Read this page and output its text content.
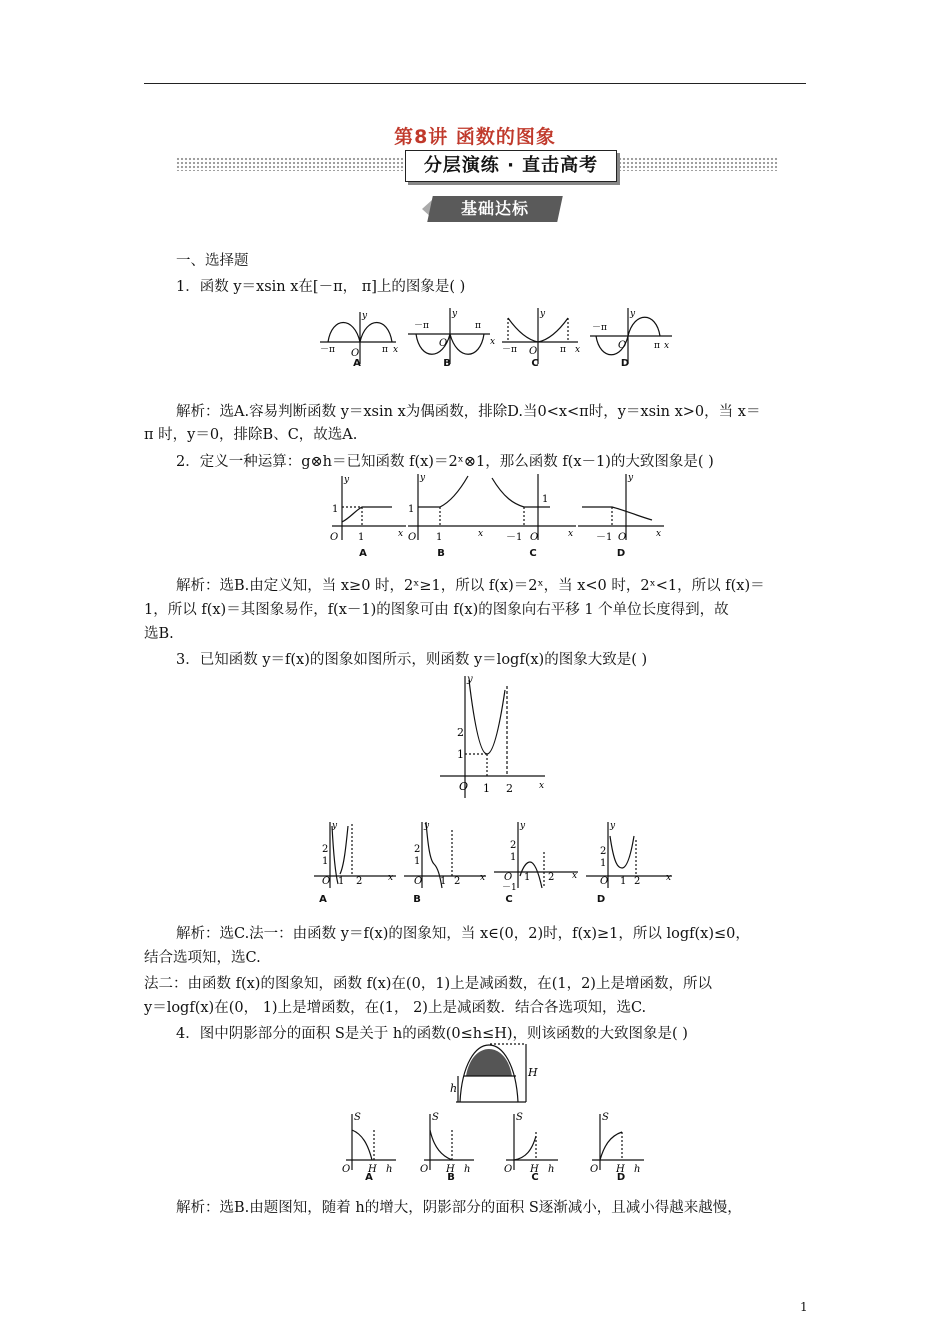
第8讲 函数的图象
分层演练 · 直击高考
基础达标
一、选择题
1．函数 y＝xsin x在[－π， π]上的图象是( )
－π
y
O	π x
－π	π
O
y
x
－π
y
O	π x
－π
O	π x
y
A	B	C	D
解析：选A.容易判断函数 y＝xsin x为偶函数，排除D.当0<x<π时，y＝xsin x>0，当 x＝
π 时，y＝0，排除B、C，故选A.
2．定义一种运算：g⊗h＝已知函数 f(x)＝2ˣ⊗1，那么函数 f(x－1)的大致图象是( )
1
O 1	x
y
1
O 1	x
y
1
－1 O	x －1 O
y
x
A	B	C	D
解析：选B.由定义知，当 x≥0 时，2ˣ≥1，所以 f(x)＝2ˣ，当 x<0 时，2ˣ<1，所以 f(x)＝
1，所以 f(x)＝其图象易作，f(x－1)的图象可由 f(x)的图象向右平移 1 个单位长度得到，故
选B.
3．已知函数 y＝f(x)的图象如图所示，则函数 y＝logf(x)的图象大致是( )
y
2
1
O 1 2	x
y
2
1
O 1 2	x
y
2
1
O 1 2 x
y
2
1
O
－1
1 2 x
y
2
1
O 1 2	x
A	B	C	D
解析：选C.法一：由函数 y＝f(x)的图象知，当 x∈(0，2)时，f(x)≥1，所以 logf(x)≤0，
结合选项知，选C.
法二：由函数 f(x)的图象知，函数 f(x)在(0，1)上是减函数，在(1，2)上是增函数，所以
y＝logf(x)在(0， 1)上是增函数，在(1， 2)上是减函数．结合各选项知，选C.
4．图中阴影部分的面积 S是关于 h的函数(0≤h≤H)，则该函数的大致图象是( )
h
H
S
O H h
S
O H h
S
O H h
S
O H h
A	B	C	D
解析：选B.由题图知，随着 h的增大，阴影部分的面积 S逐渐减小，且减小得越来越慢，
1
